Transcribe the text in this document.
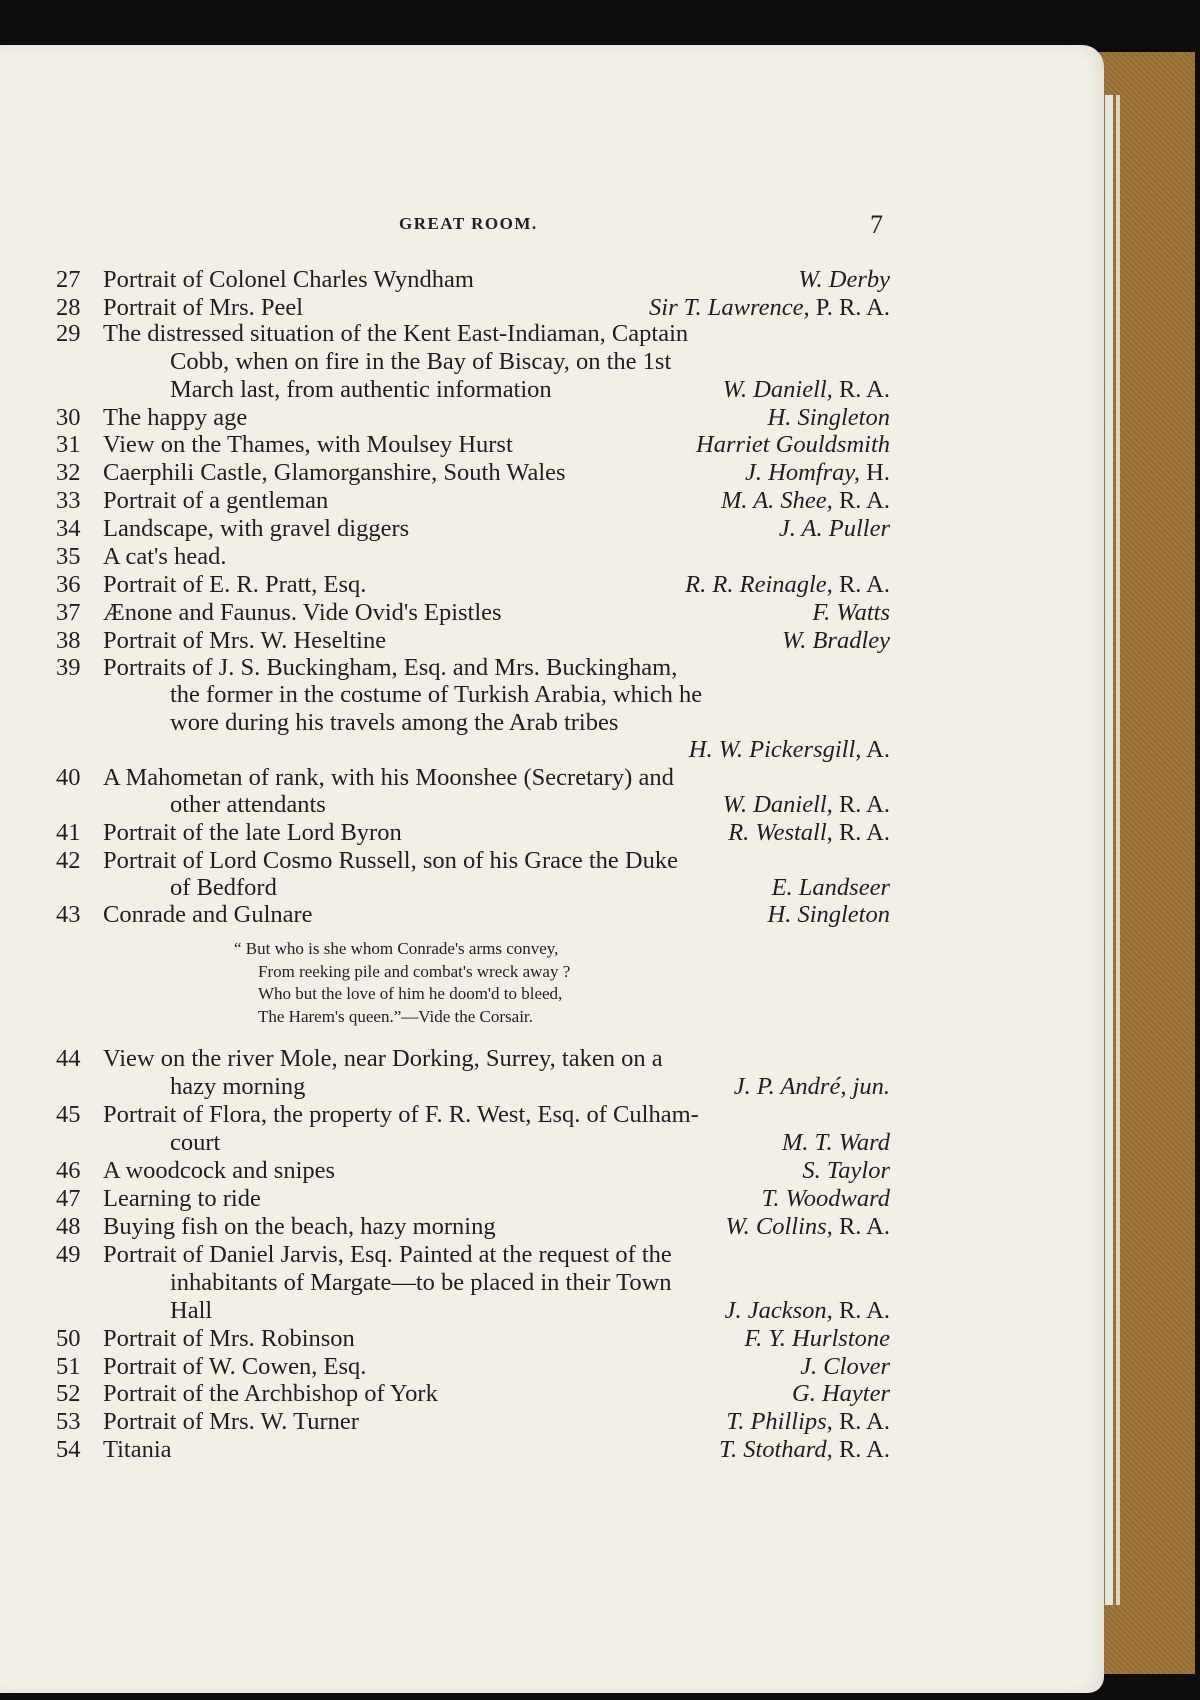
GREAT ROOM.	7
27 Portrait of Colonel Charles Wyndham	W. Derby
28 Portrait of Mrs. Peel	Sir T. Lawrence, P. R. A.
29 The distressed situation of the Kent East-Indiaman, Captain
Cobb, when on fire in the Bay of Biscay, on the 1st
March last, from authentic information	W. Daniell, R. A.
30 The happy age	H. Singleton
31 View on the Thames, with Moulsey Hurst	Harriet Gouldsmith
32 Caerphili Castle, Glamorganshire, South Wales	J. Homfray, H.
33 Portrait of a gentleman	M. A. Shee, R. A.
34 Landscape, with gravel diggers	J. A. Puller
35 A cat's head.
36 Portrait of E. R. Pratt, Esq.	R. R. Reinagle, R. A.
37 Ænone and Faunus. Vide Ovid's Epistles	F. Watts
38 Portrait of Mrs. W. Heseltine	W. Bradley
39 Portraits of J. S. Buckingham, Esq. and Mrs. Buckingham,
the former in the costume of Turkish Arabia, which he
wore during his travels among the Arab tribes
H. W. Pickersgill, A.
40 A Mahometan of rank, with his Moonshee (Secretary) and
other attendants	W. Daniell, R. A.
41 Portrait of the late Lord Byron	R. Westall, R. A.
42 Portrait of Lord Cosmo Russell, son of his Grace the Duke
of Bedford	E. Landseer
43 Conrade and Gulnare	H. Singleton
44 View on the river Mole, near Dorking, Surrey, taken on a
hazy morning	J. P. André, jun.
45 Portrait of Flora, the property of F. R. West, Esq. of Culham-
court	M. T. Ward
46 A woodcock and snipes	S. Taylor
47 Learning to ride	T. Woodward
48 Buying fish on the beach, hazy morning	W. Collins, R. A.
49 Portrait of Daniel Jarvis, Esq. Painted at the request of the
inhabitants of Margate—to be placed in their Town
Hall	J. Jackson, R. A.
50 Portrait of Mrs. Robinson	F. Y. Hurlstone
51 Portrait of W. Cowen, Esq.	J. Clover
52 Portrait of the Archbishop of York	G. Hayter
53 Portrait of Mrs. W. Turner	T. Phillips, R. A.
54 Titania	T. Stothard, R. A.
“ But who is she whom Conrade's arms convey,
From reeking pile and combat's wreck away ?
Who but the love of him he doom'd to bleed,
The Harem's queen.”—Vide the Corsair.
